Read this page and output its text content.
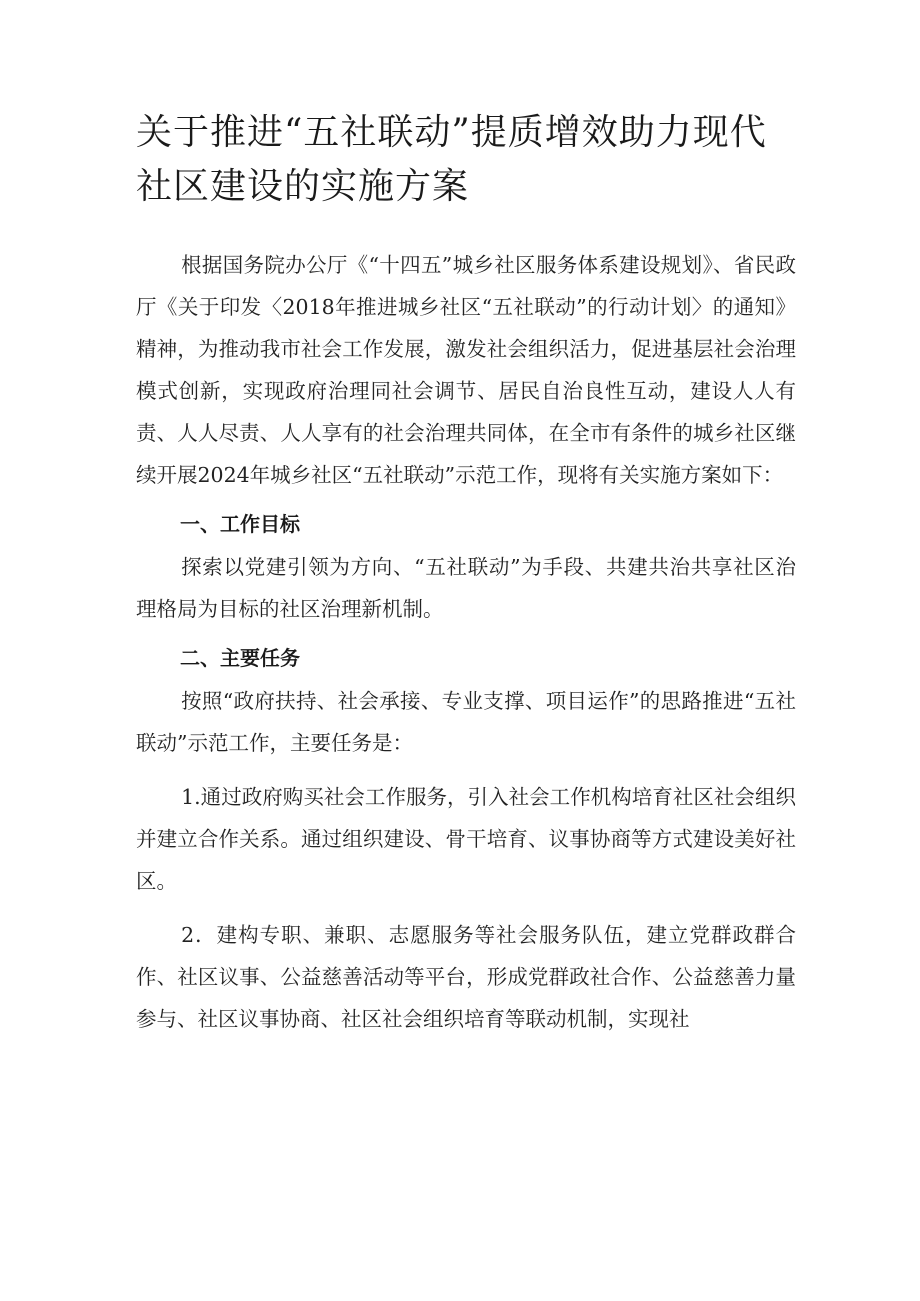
关于推进“五社联动”提质增效助力现代社区建设的实施方案

根据国务院办公厅《“十四五”城乡社区服务体系建设规划》、省民政厅《关于印发〈2018年推进城乡社区“五社联动”的行动计划〉的通知》精神，为推动我市社会工作发展，激发社会组织活力，促进基层社会治理模式创新，实现政府治理同社会调节、居民自治良性互动，建设人人有责、人人尽责、人人享有的社会治理共同体，在全市有条件的城乡社区继续开展2024年城乡社区“五社联动”示范工作，现将有关实施方案如下：

一、工作目标

探索以党建引领为方向、“五社联动”为手段、共建共治共享社区治理格局为目标的社区治理新机制。

二、主要任务

按照“政府扶持、社会承接、专业支撑、项目运作”的思路推进“五社联动”示范工作，主要任务是：

1.通过政府购买社会工作服务，引入社会工作机构培育社区社会组织并建立合作关系。通过组织建设、骨干培育、议事协商等方式建设美好社区。

2．建构专职、兼职、志愿服务等社会服务队伍，建立党群政群合作、社区议事、公益慈善活动等平台，形成党群政社合作、公益慈善力量参与、社区议事协商、社区社会组织培育等联动机制，实现社
